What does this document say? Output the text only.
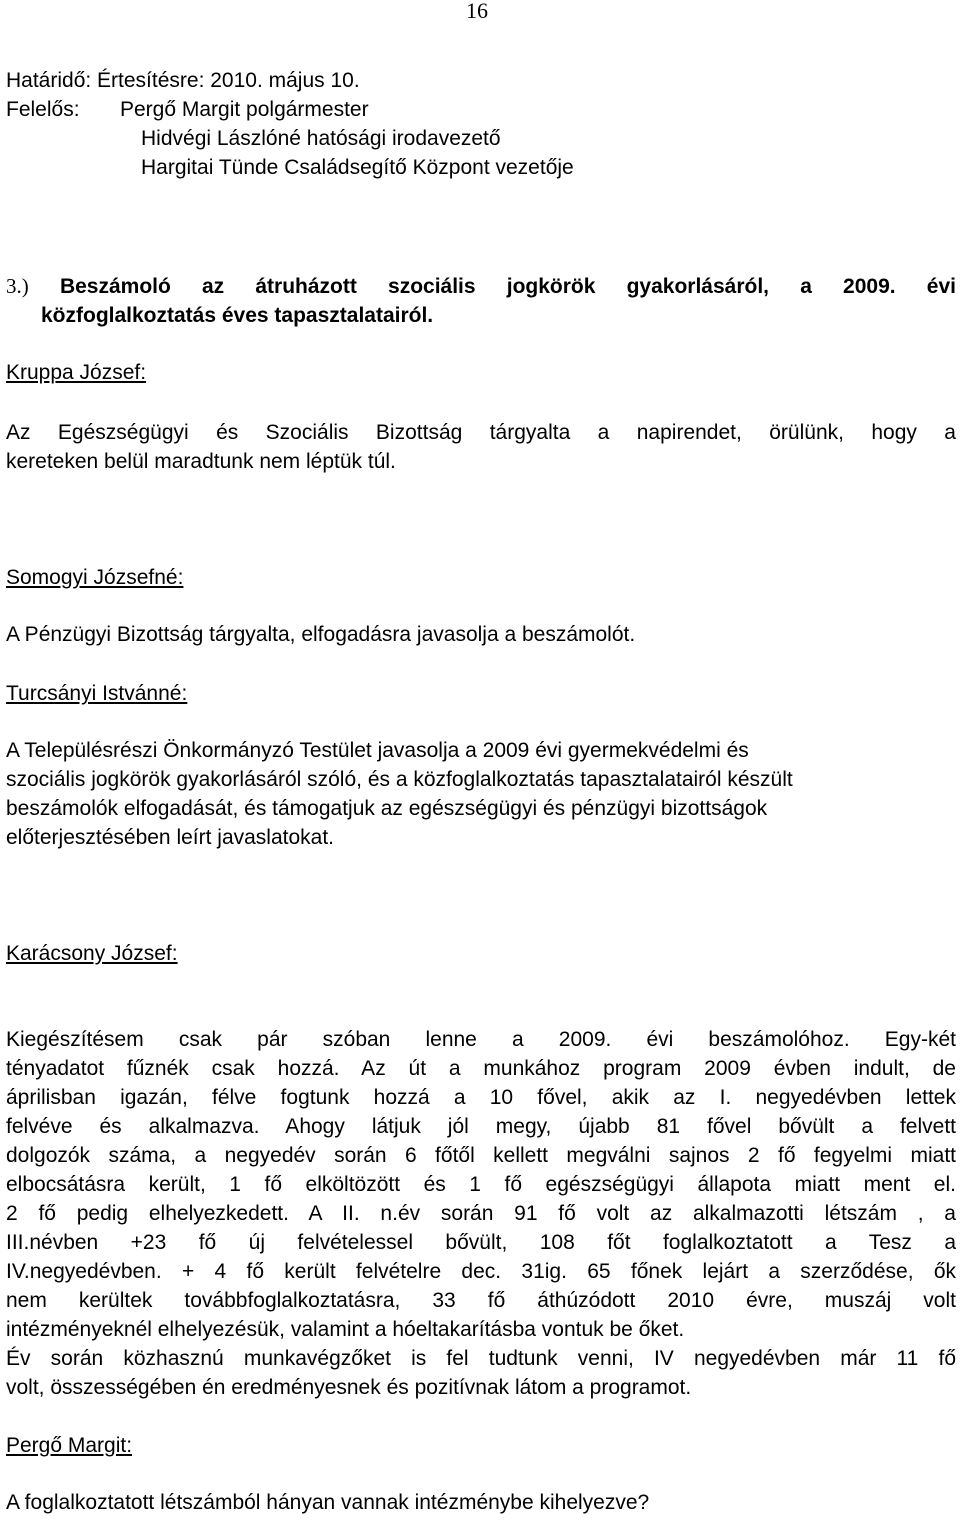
16
Határidő: Értesítésre: 2010. május 10.
Felelős:	Pergő Margit polgármester
Hidvégi Lászlóné hatósági irodavezető
Hargitai Tünde Családsegítő Központ vezetője
3.) Beszámoló az átruházott szociális jogkörök gyakorlásáról, a 2009. évi
közfoglalkoztatás éves tapasztalatairól.
Kruppa József:
Az Egészségügyi és Szociális Bizottság tárgyalta a napirendet, örülünk, hogy a
kereteken belül maradtunk nem léptük túl.
Somogyi Józsefné:
A Pénzügyi Bizottság tárgyalta, elfogadásra javasolja a beszámolót.
Turcsányi Istvánné:
A Településrészi Önkormányzó Testület javasolja a 2009 évi gyermekvédelmi és
szociális jogkörök gyakorlásáról szóló, és a közfoglalkoztatás tapasztalatairól készült
beszámolók elfogadását, és támogatjuk az egészségügyi és pénzügyi bizottságok
előterjesztésében leírt javaslatokat.
Karácsony József:
Kiegészítésem csak pár szóban lenne a 2009. évi beszámolóhoz. Egy-két
tényadatot fűznék csak hozzá. Az út a munkához program 2009 évben indult, de
áprilisban igazán, félve fogtunk hozzá a 10 fővel, akik az I. negyedévben lettek
felvéve és alkalmazva. Ahogy látjuk jól megy, újabb 81 fővel bővült a felvett
dolgozók száma, a negyedév során 6 főtől kellett megválni sajnos 2 fő fegyelmi miatt
elbocsátásra került, 1 fő elköltözött és 1 fő egészségügyi állapota miatt ment el.
2 fő pedig elhelyezkedett. A II. n.év során 91 fő volt az alkalmazotti létszám , a
III.névben +23 fő új felvételessel bővült, 108 főt foglalkoztatott a Tesz a
IV.negyedévben. + 4 fő került felvételre dec. 31ig. 65 főnek lejárt a szerződése, ők
nem kerültek továbbfoglalkoztatásra, 33 fő áthúzódott 2010 évre, muszáj volt
intézményeknél elhelyezésük, valamint a hóeltakarításba vontuk be őket.
Év során közhasznú munkavégzőket is fel tudtunk venni, IV negyedévben már 11 fő
volt, összességében én eredményesnek és pozitívnak látom a programot.
Pergő Margit:
A foglalkoztatott létszámból hányan vannak intézménybe kihelyezve?
